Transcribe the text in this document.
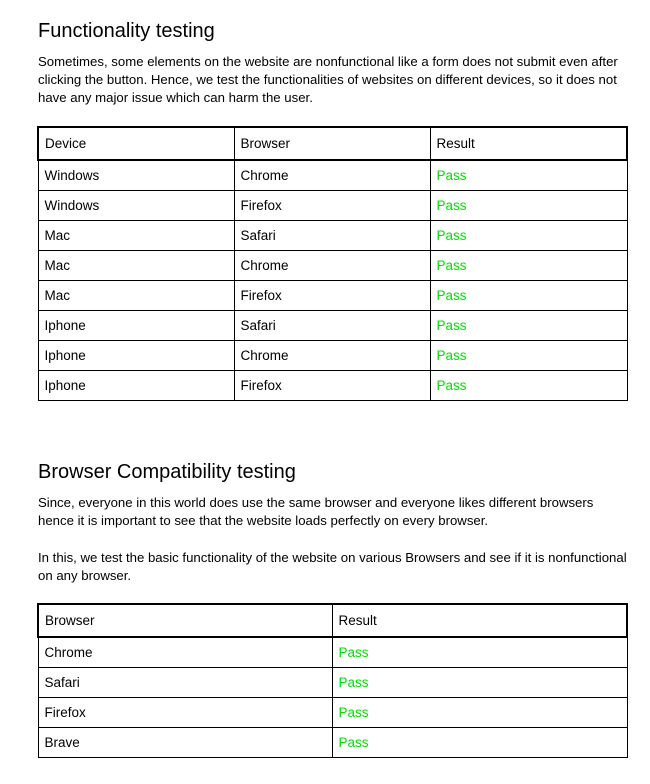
Functionality testing

Sometimes, some elements on the website are nonfunctional like a form does not submit even after clicking the button. Hence, we test the functionalities of websites on different devices, so it does not have any major issue which can harm the user.

Device	Browser	Result
Windows	Chrome	Pass
Windows	Firefox	Pass
Mac	Safari	Pass
Mac	Chrome	Pass
Mac	Firefox	Pass
Iphone	Safari	Pass
Iphone	Chrome	Pass
Iphone	Firefox	Pass
Browser Compatibility testing

Since, everyone in this world does use the same browser and everyone likes different browsers hence it is important to see that the website loads perfectly on every browser.

In this, we test the basic functionality of the website on various Browsers and see if it is nonfunctional on any browser.

Browser	Result
Chrome	Pass
Safari	Pass
Firefox	Pass
Brave	Pass
